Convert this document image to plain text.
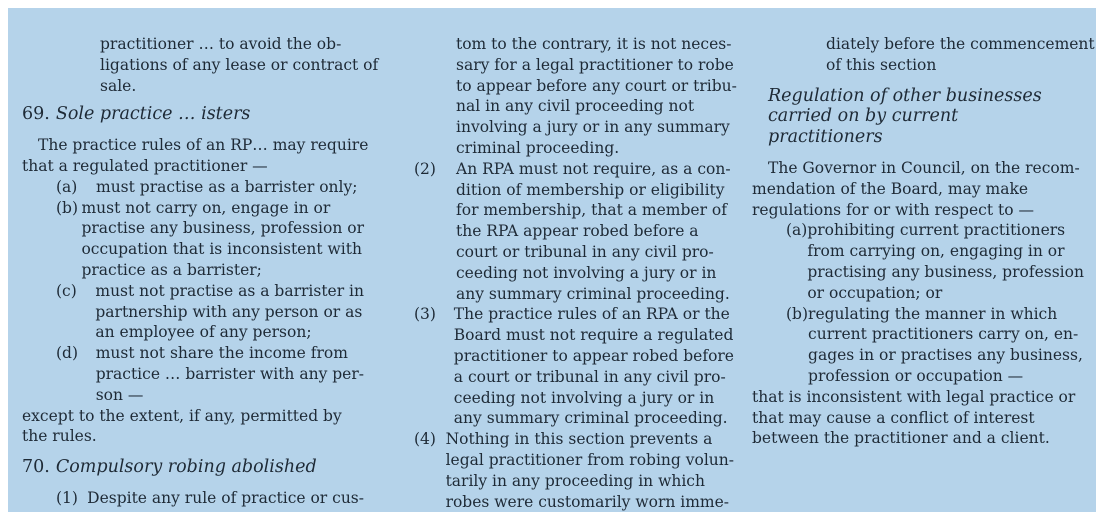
practitioner … to avoid the ob-
ligations of any lease or contract of
sale.
69. Sole practice … isters
The practice rules of an RP… may require
that a regulated practitioner —
(a)	must practise as a barrister only;
(b) must not carry on, engage in or
practise any business, profession or
occupation that is inconsistent with
practice as a barrister;
(c)	must not practise as a barrister in
partnership with any person or as
an employee of any person;
(d)	must not share the income from
practice … barrister with any per-
son —
except to the extent, if any, permitted by
the rules.
70. Compulsory robing abolished
(1) Despite any rule of practice or cus-
tom to the contrary, it is not neces-
sary for a legal practitioner to robe
to appear before any court or tribu-
nal in any civil proceeding not
involving a jury or in any summary
criminal proceeding.
(2)	An RPA must not require, as a con-
dition of membership or eligibility
for membership, that a member of
the RPA appear robed before a
court or tribunal in any civil pro-
ceeding not involving a jury or in
any summary criminal proceeding.
(3)	The practice rules of an RPA or the
Board must not require a regulated
practitioner to appear robed before
a court or tribunal in any civil pro-
ceeding not involving a jury or in
any summary criminal proceeding.
(4) Nothing in this section prevents a
legal practitioner from robing volun-
tarily in any proceeding in which
robes were customarily worn imme-
diately before the commencement
of this section
Regulation of other businesses
carried on by current
practitioners
The Governor in Council, on the recom-
mendation of the Board, may make
regulations for or with respect to —
(a) prohibiting current practitioners
from carrying on, engaging in or
practising any business, profession
or occupation; or
(b) regulating the manner in which
current practitioners carry on, en-
gages in or practises any business,
profession or occupation —
that is inconsistent with legal practice or
that may cause a conflict of interest
between the practitioner and a client.
